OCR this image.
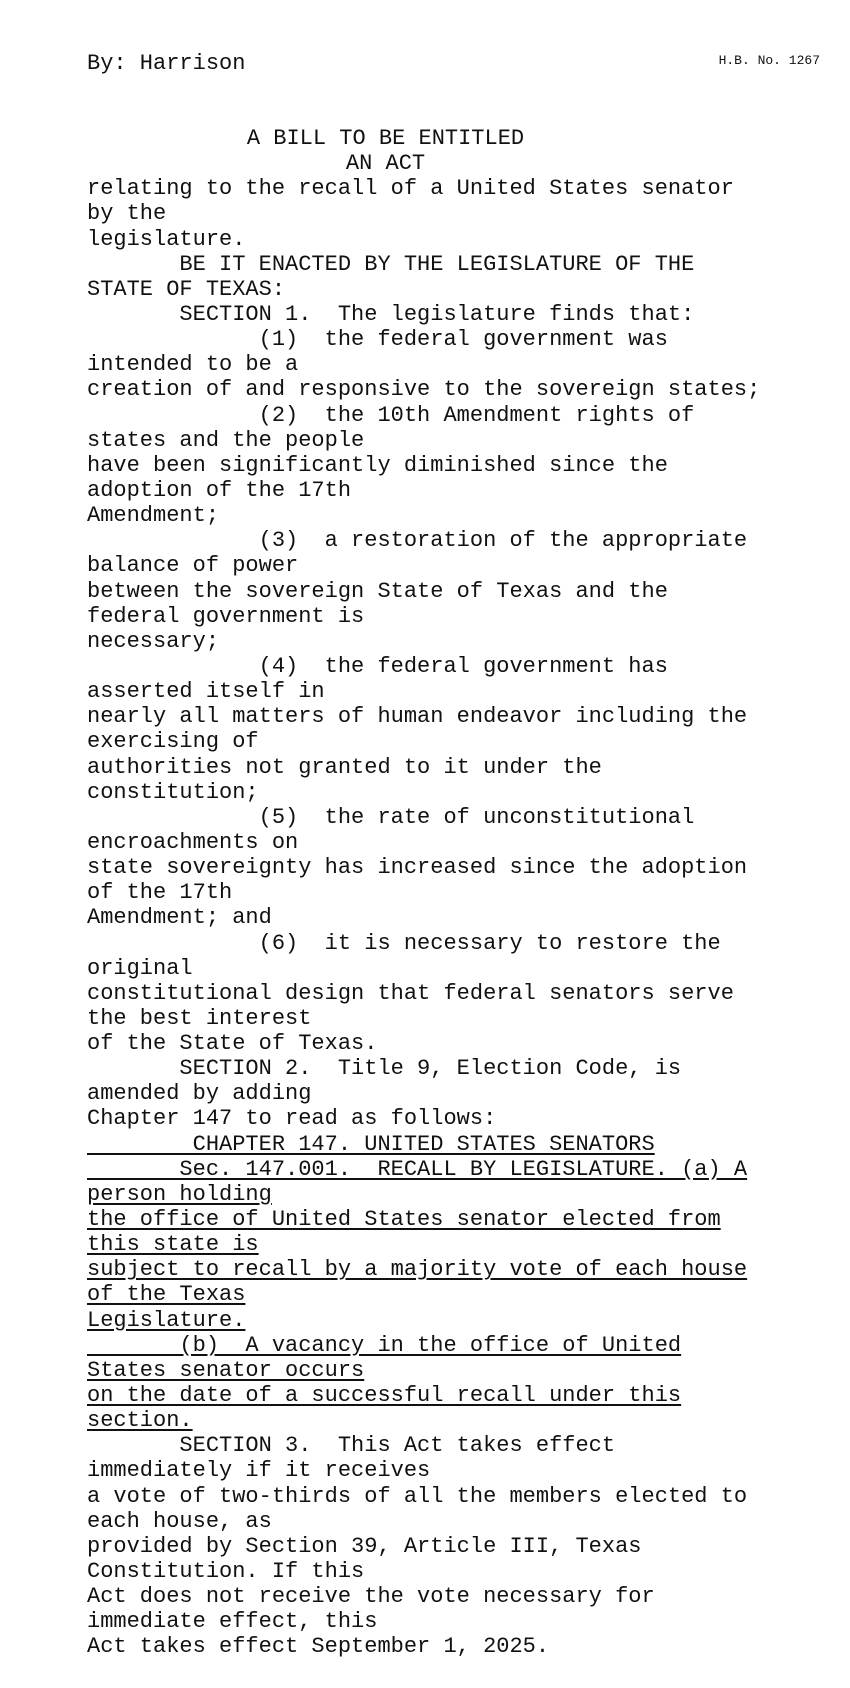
By: Harrison	H.B. No. 1267
A BILL TO BE ENTITLED
AN ACT
relating to the recall of a United States senator
by the
legislature.
BE IT ENACTED BY THE LEGISLATURE OF THE
STATE OF TEXAS:
SECTION 1.  The legislature finds that:
(1)  the federal government was
intended to be a
creation of and responsive to the sovereign states;
(2)  the 10th Amendment rights of
states and the people
have been significantly diminished since the
adoption of the 17th
Amendment;
(3)  a restoration of the appropriate
balance of power
between the sovereign State of Texas and the
federal government is
necessary;
(4)  the federal government has
asserted itself in
nearly all matters of human endeavor including the
exercising of
authorities not granted to it under the
constitution;
(5)  the rate of unconstitutional
encroachments on
state sovereignty has increased since the adoption
of the 17th
Amendment; and
(6)  it is necessary to restore the
original
constitutional design that federal senators serve
the best interest
of the State of Texas.
SECTION 2.  Title 9, Election Code, is
amended by adding
Chapter 147 to read as follows:
CHAPTER 147. UNITED STATES SENATORS
Sec. 147.001.  RECALL BY LEGISLATURE. (a) A
person holding
the office of United States senator elected from
this state is
subject to recall by a majority vote of each house
of the Texas
Legislature.
(b)  A vacancy in the office of United
States senator occurs
on the date of a successful recall under this
section.
SECTION 3.  This Act takes effect
immediately if it receives
a vote of two-thirds of all the members elected to
each house, as
provided by Section 39, Article III, Texas
Constitution. If this
Act does not receive the vote necessary for
immediate effect, this
Act takes effect September 1, 2025.
